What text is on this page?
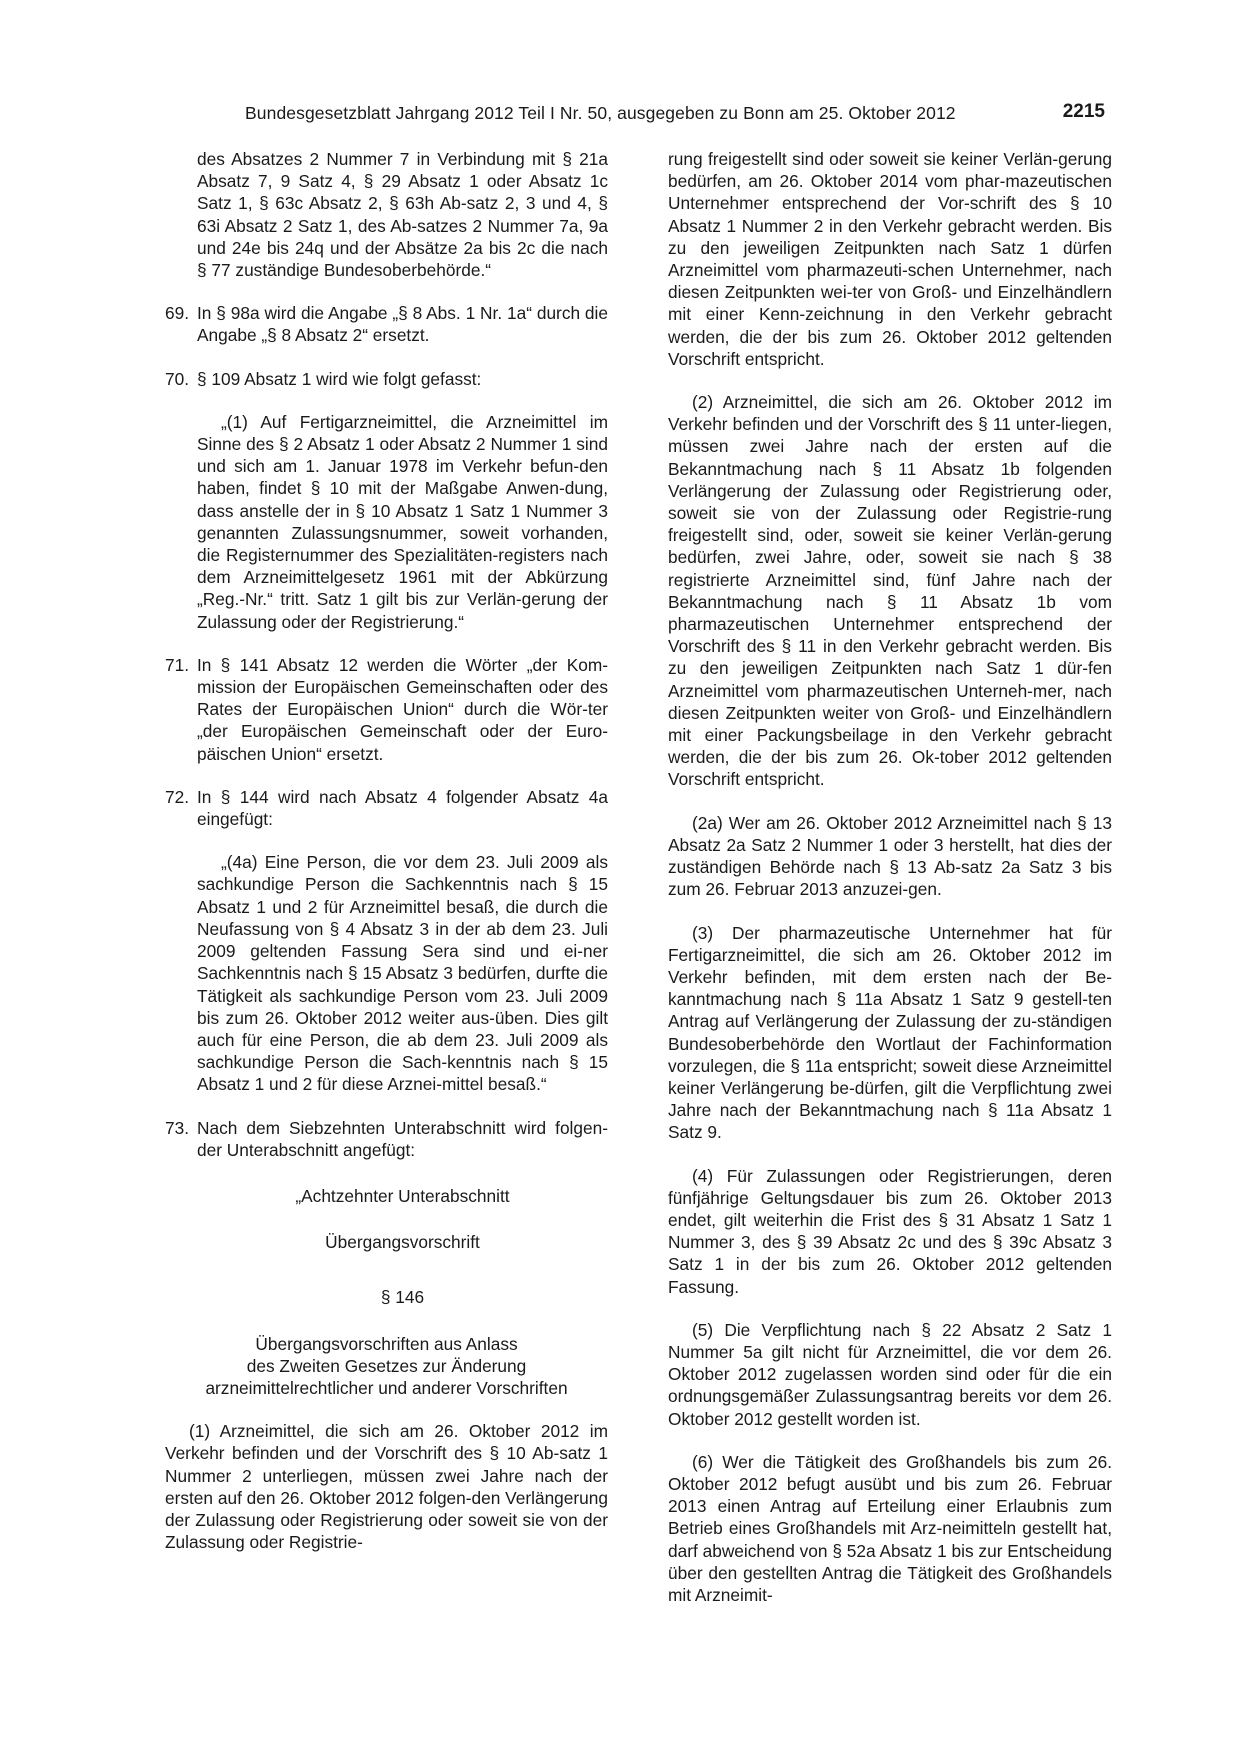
Bundesgesetzblatt Jahrgang 2012 Teil I Nr. 50, ausgegeben zu Bonn am 25. Oktober 2012	2215

des Absatzes 2 Nummer 7 in Verbindung mit § 21a Absatz 7, 9 Satz 4, § 29 Absatz 1 oder Absatz 1c Satz 1, § 63c Absatz 2, § 63h Ab-satz 2, 3 und 4, § 63i Absatz 2 Satz 1, des Ab-satzes 2 Nummer 7a, 9a und 24e bis 24q und der Absätze 2a bis 2c die nach § 77 zuständige Bundesoberbehörde.“

69. In § 98a wird die Angabe „§ 8 Abs. 1 Nr. 1a“ durch die Angabe „§ 8 Absatz 2“ ersetzt.

70. § 109 Absatz 1 wird wie folgt gefasst:

„(1) Auf Fertigarzneimittel, die Arzneimittel im Sinne des § 2 Absatz 1 oder Absatz 2 Nummer 1 sind und sich am 1. Januar 1978 im Verkehr befun-den haben, findet § 10 mit der Maßgabe Anwen-dung, dass anstelle der in § 10 Absatz 1 Satz 1 Nummer 3 genannten Zulassungsnummer, soweit vorhanden, die Registernummer des Spezialitäten-registers nach dem Arzneimittelgesetz 1961 mit der Abkürzung „Reg.-Nr.“ tritt. Satz 1 gilt bis zur Verlän-gerung der Zulassung oder der Registrierung.“

71. In § 141 Absatz 12 werden die Wörter „der Kom-mission der Europäischen Gemeinschaften oder des Rates der Europäischen Union“ durch die Wör-ter „der Europäischen Gemeinschaft oder der Euro-päischen Union“ ersetzt.

72. In § 144 wird nach Absatz 4 folgender Absatz 4a eingefügt:

„(4a) Eine Person, die vor dem 23. Juli 2009 als sachkundige Person die Sachkenntnis nach § 15 Absatz 1 und 2 für Arzneimittel besaß, die durch die Neufassung von § 4 Absatz 3 in der ab dem 23. Juli 2009 geltenden Fassung Sera sind und ei-ner Sachkenntnis nach § 15 Absatz 3 bedürfen, durfte die Tätigkeit als sachkundige Person vom 23. Juli 2009 bis zum 26. Oktober 2012 weiter aus-üben. Dies gilt auch für eine Person, die ab dem 23. Juli 2009 als sachkundige Person die Sach-kenntnis nach § 15 Absatz 1 und 2 für diese Arznei-mittel besaß.“

73. Nach dem Siebzehnten Unterabschnitt wird folgen-der Unterabschnitt angefügt:

„Achtzehnter Unterabschnitt

Übergangsvorschrift

§ 146

Übergangsvorschriften aus Anlass

des Zweiten Gesetzes zur Änderung

arzneimittelrechtlicher und anderer Vorschriften

(1) Arzneimittel, die sich am 26. Oktober 2012 im Verkehr befinden und der Vorschrift des § 10 Ab-satz 1 Nummer 2 unterliegen, müssen zwei Jahre nach der ersten auf den 26. Oktober 2012 folgen-den Verlängerung der Zulassung oder Registrierung oder soweit sie von der Zulassung oder Registrie-

rung freigestellt sind oder soweit sie keiner Verlän-gerung bedürfen, am 26. Oktober 2014 vom phar-mazeutischen Unternehmer entsprechend der Vor-schrift des § 10 Absatz 1 Nummer 2 in den Verkehr gebracht werden. Bis zu den jeweiligen Zeitpunkten nach Satz 1 dürfen Arzneimittel vom pharmazeuti-schen Unternehmer, nach diesen Zeitpunkten wei-ter von Groß- und Einzelhändlern mit einer Kenn-zeichnung in den Verkehr gebracht werden, die der bis zum 26. Oktober 2012 geltenden Vorschrift entspricht.

(2) Arzneimittel, die sich am 26. Oktober 2012 im Verkehr befinden und der Vorschrift des § 11 unter-liegen, müssen zwei Jahre nach der ersten auf die Bekanntmachung nach § 11 Absatz 1b folgenden Verlängerung der Zulassung oder Registrierung oder, soweit sie von der Zulassung oder Registrie-rung freigestellt sind, oder, soweit sie keiner Verlän-gerung bedürfen, zwei Jahre, oder, soweit sie nach § 38 registrierte Arzneimittel sind, fünf Jahre nach der Bekanntmachung nach § 11 Absatz 1b vom pharmazeutischen Unternehmer entsprechend der Vorschrift des § 11 in den Verkehr gebracht werden. Bis zu den jeweiligen Zeitpunkten nach Satz 1 dür-fen Arzneimittel vom pharmazeutischen Unterneh-mer, nach diesen Zeitpunkten weiter von Groß- und Einzelhändlern mit einer Packungsbeilage in den Verkehr gebracht werden, die der bis zum 26. Ok-tober 2012 geltenden Vorschrift entspricht.

(2a) Wer am 26. Oktober 2012 Arzneimittel nach § 13 Absatz 2a Satz 2 Nummer 1 oder 3 herstellt, hat dies der zuständigen Behörde nach § 13 Ab-satz 2a Satz 3 bis zum 26. Februar 2013 anzuzei-gen.

(3) Der pharmazeutische Unternehmer hat für Fertigarzneimittel, die sich am 26. Oktober 2012 im Verkehr befinden, mit dem ersten nach der Be-kanntmachung nach § 11a Absatz 1 Satz 9 gestell-ten Antrag auf Verlängerung der Zulassung der zu-ständigen Bundesoberbehörde den Wortlaut der Fachinformation vorzulegen, die § 11a entspricht; soweit diese Arzneimittel keiner Verlängerung be-dürfen, gilt die Verpflichtung zwei Jahre nach der Bekanntmachung nach § 11a Absatz 1 Satz 9.

(4) Für Zulassungen oder Registrierungen, deren fünfjährige Geltungsdauer bis zum 26. Oktober 2013 endet, gilt weiterhin die Frist des § 31 Absatz 1 Satz 1 Nummer 3, des § 39 Absatz 2c und des § 39c Absatz 3 Satz 1 in der bis zum 26. Oktober 2012 geltenden Fassung.

(5) Die Verpflichtung nach § 22 Absatz 2 Satz 1 Nummer 5a gilt nicht für Arzneimittel, die vor dem 26. Oktober 2012 zugelassen worden sind oder für die ein ordnungsgemäßer Zulassungsantrag bereits vor dem 26. Oktober 2012 gestellt worden ist.

(6) Wer die Tätigkeit des Großhandels bis zum 26. Oktober 2012 befugt ausübt und bis zum 26. Februar 2013 einen Antrag auf Erteilung einer Erlaubnis zum Betrieb eines Großhandels mit Arz-neimitteln gestellt hat, darf abweichend von § 52a Absatz 1 bis zur Entscheidung über den gestellten Antrag die Tätigkeit des Großhandels mit Arzneimit-
